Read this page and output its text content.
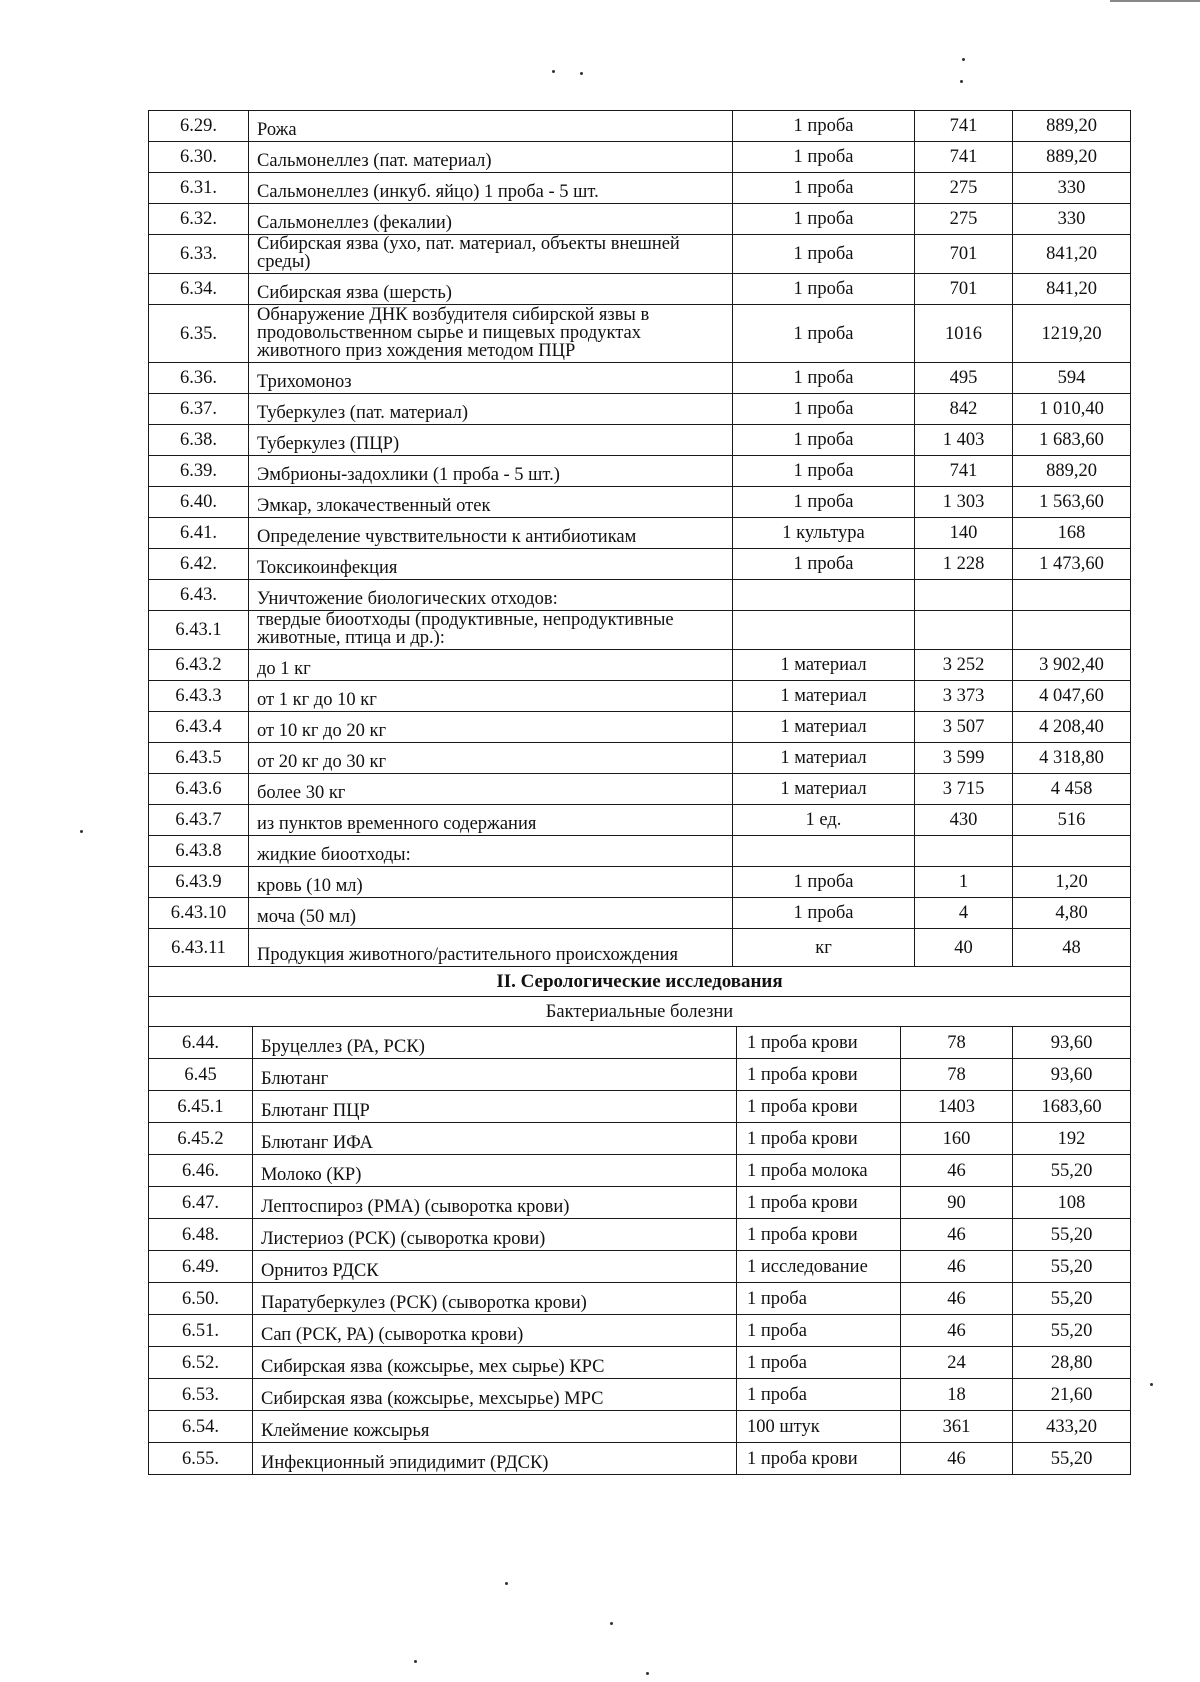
6.29.	Рожа	1 проба	741	889,20
6.30.	Сальмонеллез (пат. материал)	1 проба	741	889,20
6.31.	Сальмонеллез (инкуб. яйцо) 1 проба - 5 шт.	1 проба	275	330
6.32.	Сальмонеллез (фекалии)	1 проба	275	330
6.33.	Сибирская язва (ухо, пат. материал, объекты внешней среды)	1 проба	701	841,20
6.34.	Сибирская язва (шерсть)	1 проба	701	841,20
6.35.	Обнаружение ДНК возбудителя сибирской язвы в продовольственном сырье и пищевых продуктах животного приз хождения методом ПЦР	1 проба	1016	1219,20
6.36.	Трихомоноз	1 проба	495	594
6.37.	Туберкулез (пат. материал)	1 проба	842	1 010,40
6.38.	Туберкулез (ПЦР)	1 проба	1 403	1 683,60
6.39.	Эмбрионы-задохлики (1 проба - 5 шт.)	1 проба	741	889,20
6.40.	Эмкар, злокачественный отек	1 проба	1 303	1 563,60
6.41.	Определение чувствительности к антибиотикам	1 культура	140	168
6.42.	Токсикоинфекция	1 проба	1 228	1 473,60
6.43.	Уничтожение биологических отходов:			
6.43.1	твердые биоотходы (продуктивные, непродуктивные животные, птица и др.):			
6.43.2	до 1 кг	1 материал	3 252	3 902,40
6.43.3	от 1 кг до 10 кг	1 материал	3 373	4 047,60
6.43.4	от 10 кг до 20 кг	1 материал	3 507	4 208,40
6.43.5	от 20 кг до 30 кг	1 материал	3 599	4 318,80
6.43.6	более 30 кг	1 материал	3 715	4 458
6.43.7	из пунктов временного содержания	1 ед.	430	516
6.43.8	жидкие биоотходы:			
6.43.9	кровь (10 мл)	1 проба	1	1,20
6.43.10	моча (50 мл)	1 проба	4	4,80
6.43.11	Продукция животного/растительного происхождения	кг	40	48
II. Серологические исследования				
Бактериальные болезни				
6.44.	Бруцеллез (РА, РСК)	1 проба крови	78	93,60
6.45	Блютанг	1 проба крови	78	93,60
6.45.1	Блютанг ПЦР	1 проба крови	1403	1683,60
6.45.2	Блютанг ИФА	1 проба крови	160	192
6.46.	Молоко (КР)	1 проба молока	46	55,20
6.47.	Лептоспироз (РМА) (сыворотка крови)	1 проба крови	90	108
6.48.	Листериоз (РСК) (сыворотка крови)	1 проба крови	46	55,20
6.49.	Орнитоз РДСК	1 исследование	46	55,20
6.50.	Паратуберкулез (РСК) (сыворотка крови)	1 проба	46	55,20
6.51.	Сап (РСК, РА) (сыворотка крови)	1 проба	46	55,20
6.52.	Сибирская язва (кожсырье, мех сырье) КРС	1 проба	24	28,80
6.53.	Сибирская язва (кожсырье, мехсырье) МРС	1 проба	18	21,60
6.54.	Клеймение кожсырья	100 штук	361	433,20
6.55.	Инфекционный эпидидимит (РДСК)	1 проба крови	46	55,20
